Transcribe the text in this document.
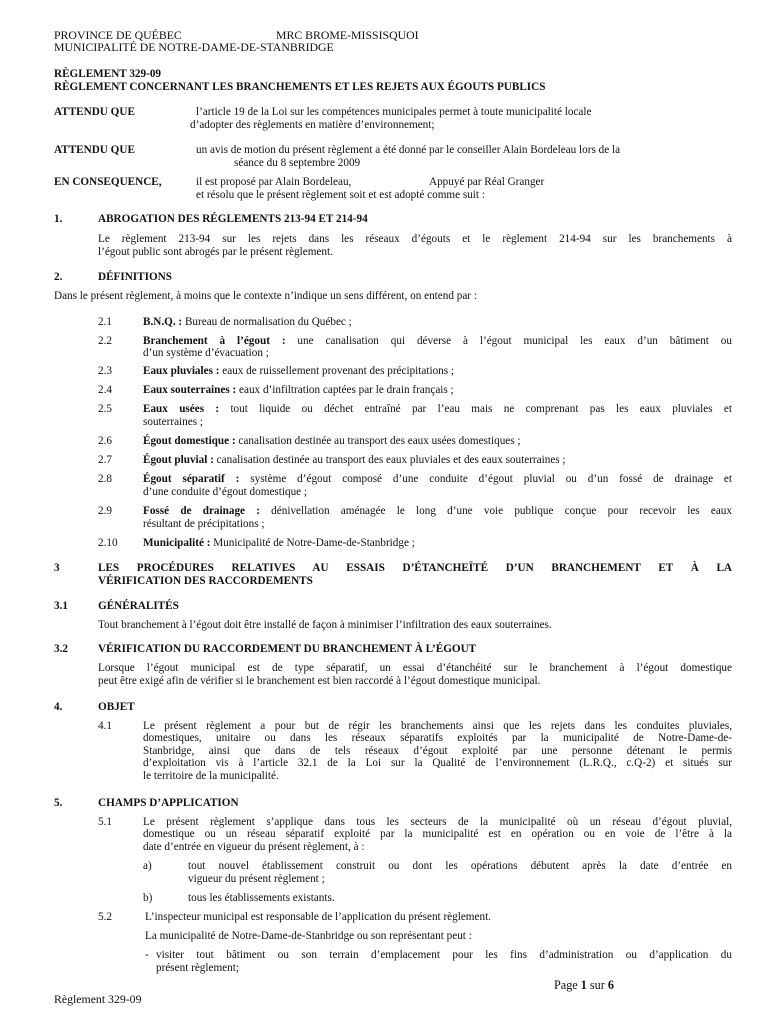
PROVINCE DE QUÉBEC	MRC BROME-MISSISQUOI
MUNICIPALITÉ DE NOTRE-DAME-DE-STANBRIDGE
RÈGLEMENT 329-09
RÈGLEMENT CONCERNANT LES BRANCHEMENTS ET LES REJETS AUX ÉGOUTS PUBLICS
ATTENDU QUE	l’article 19 de la Loi sur les compétences municipales permet à toute municipalité locale
d’adopter des règlements en matière d’environnement;
ATTENDU QUE	un avis de motion du présent règlement a été donné par le conseiller Alain Bordeleau lors de la
séance du 8 septembre 2009
EN CONSEQUENCE,	il est proposé par Alain Bordeleau,	Appuyé par Réal Granger
et résolu que le présent règlement soit et est adopté comme suit :
1.	ABROGATION DES RÉGLEMENTS 213-94 ET 214-94
Le règlement 213-94 sur les rejets dans les réseaux d’égouts et le règlement 214-94 sur les branchements à
l’égout public sont abrogés par le présent règlement.
2.	DÉFINITIONS
Dans le présent règlement, à moins que le contexte n’indique un sens différent, on entend par :
2.1	B.N.Q. : Bureau de normalisation du Québec ;
2.2	Branchement à l’égout : une canalisation qui déverse à l’égout municipal les eaux d’un bâtiment ou
d’un système d’évacuation ;
2.3	Eaux pluviales : eaux de ruissellement provenant des précipitations ;
2.4	Eaux souterraines : eaux d’infiltration captées par le drain français ;
2.5	Eaux usées : tout liquide ou déchet entraîné par l’eau mais ne comprenant pas les eaux pluviales et
souterraines ;
2.6	Égout domestique : canalisation destinée au transport des eaux usées domestiques ;
2.7	Égout pluvial : canalisation destinée au transport des eaux pluviales et des eaux souterraines ;
2.8	Égout séparatif : système d’égout composé d’une conduite d’égout pluvial ou d’un fossé de drainage et
d’une conduite d’égout domestique ;
2.9	Fossé de drainage : dénivellation aménagée le long d’une voie publique conçue pour recevoir les eaux
résultant de précipitations ;
2.10 Municipalité : Municipalité de Notre-Dame-de-Stanbridge ;
3	LES PROCÉDURES RELATIVES AU ESSAIS D’ÉTANCHEÏTÉ D’UN BRANCHEMENT ET À LA
VÉRIFICATION DES RACCORDEMENTS
3.1	GÉNÉRALITÉS
Tout branchement à l’égout doit être installé de façon à minimiser l’infiltration des eaux souterraines.
3.2	VÉRIFICATION DU RACCORDEMENT DU BRANCHEMENT À L’ÉGOUT
Lorsque l’égout municipal est de type séparatif, un essai d’étanchéité sur le branchement à l’égout domestique
peut être exigé afin de vérifier si le branchement est bien raccordé à l’égout domestique municipal.
4.	OBJET
4.1	Le présent règlement a pour but de régir les branchements ainsi que les rejets dans les conduites pluviales,
domestiques, unitaire ou dans les réseaux séparatifs exploités par la municipalité de Notre-Dame-de-
Stanbridge, ainsi que dans de tels réseaux d’égout exploité par une personne détenant le permis
d’exploitation vis à l’article 32.1 de la Loi sur la Qualité de l’environnement (L.R.Q., c.Q-2) et situés sur
le territoire de la municipalité.
5.	CHAMPS D’APPLICATION
5.1	Le présent règlement s’applique dans tous les secteurs de la municipalité où un réseau d’égout pluvial,
domestique ou un réseau séparatif exploité par la municipalité est en opération ou en voie de l’être à la
date d’entrée en vigueur du présent règlement, à :
a)	tout nouvel établissement construit ou dont les opérations débutent après la date d’entrée en
vigueur du présent règlement ;
b)	tous les établissements existants.
5.2	L’inspecteur municipal est responsable de l’application du présent règlement.
La municipalité de Notre-Dame-de-Stanbridge ou son représentant peut :
- visiter tout bâtiment ou son terrain d’emplacement pour les fins d’administration ou d’application du
présent règlement;
Page 1 sur 6
Règlement 329-09
